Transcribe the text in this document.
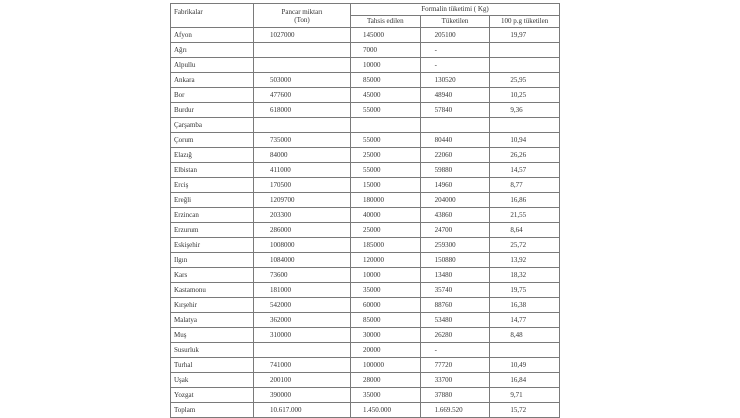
Fabrikalar	Pancar miktarı
(Ton)	Formalin tüketimi ( Kg)		
		Tahsis edilen	Tüketilen	100 p.g tüketilen
Afyon	1027000	145000	205100	19,97
Ağrı		7000	-	
Alpullu		10000	-	
Ankara	503000	85000	130520	25,95
Bor	477600	45000	48940	10,25
Burdur	618000	55000	57840	9,36
Çarşamba				
Çorum	735000	55000	80440	10,94
Elazığ	84000	25000	22060	26,26
Elbistan	411000	55000	59880	14,57
Erciş	170500	15000	14960	8,77
Ereğli	1209700	180000	204000	16,86
Erzincan	203300	40000	43860	21,55
Erzurum	286000	25000	24700	8,64
Eskişehir	1008000	185000	259300	25,72
Ilgın	1084000	120000	150880	13,92
Kars	73600	10000	13480	18,32
Kastamonu	181000	35000	35740	19,75
Kırşehir	542000	60000	88760	16,38
Malatya	362000	85000	53480	14,77
Muş	310000	30000	26280	8,48
Susurluk		20000	-	
Turhal	741000	100000	77720	10,49
Uşak	200100	28000	33700	16,84
Yozgat	390000	35000	37880	9,71
Toplam	10.617.000	1.450.000	1.669.520	15,72
